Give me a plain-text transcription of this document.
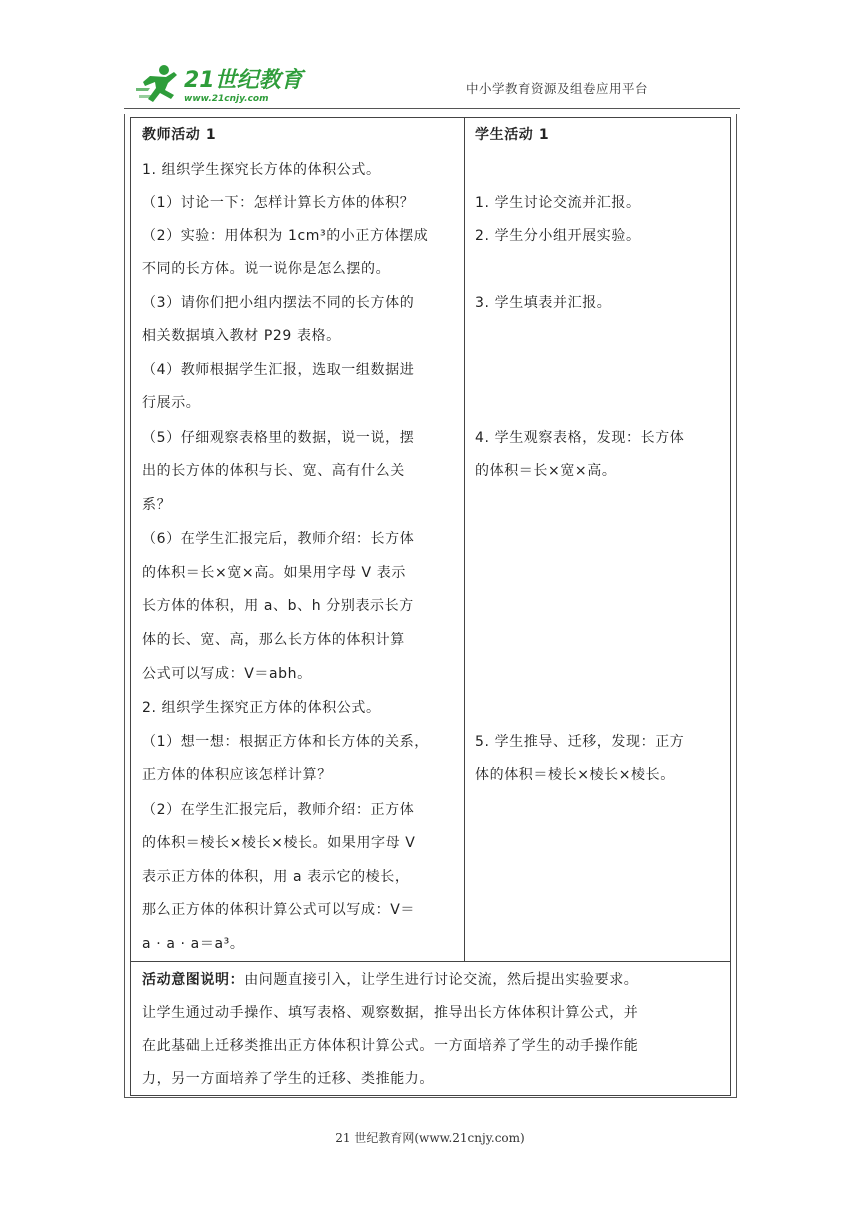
21世纪教育
www.21cnjy.com
中小学教育资源及组卷应用平台
教师活动 1
1. 组织学生探究长方体的体积公式。
（1）讨论一下：怎样计算长方体的体积？
（2）实验：用体积为 1cm³的小正方体摆成
不同的长方体。说一说你是怎么摆的。
（3）请你们把小组内摆法不同的长方体的
相关数据填入教材 P29 表格。
（4）教师根据学生汇报，选取一组数据进
行展示。
（5）仔细观察表格里的数据，说一说，摆
出的长方体的体积与长、宽、高有什么关
系？
（6）在学生汇报完后，教师介绍：长方体
的体积＝长×宽×高。如果用字母 V 表示
长方体的体积，用 a、b、h 分别表示长方
体的长、宽、高，那么长方体的体积计算
公式可以写成：V＝abh。
2. 组织学生探究正方体的体积公式。
（1）想一想：根据正方体和长方体的关系，
正方体的体积应该怎样计算？
（2）在学生汇报完后，教师介绍：正方体
的体积＝棱长×棱长×棱长。如果用字母 V
表示正方体的体积，用 a 表示它的棱长，
那么正方体的体积计算公式可以写成：V＝
a · a · a＝a³。
学生活动 1
1. 学生讨论交流并汇报。
2. 学生分小组开展实验。
3. 学生填表并汇报。
4. 学生观察表格，发现：长方体
的体积＝长×宽×高。
5. 学生推导、迁移，发现：正方
体的体积＝棱长×棱长×棱长。
活动意图说明：由问题直接引入，让学生进行讨论交流，然后提出实验要求。
让学生通过动手操作、填写表格、观察数据，推导出长方体体积计算公式，并
在此基础上迁移类推出正方体体积计算公式。一方面培养了学生的动手操作能
力，另一方面培养了学生的迁移、类推能力。
21 世纪教育网(www.21cnjy.com)
